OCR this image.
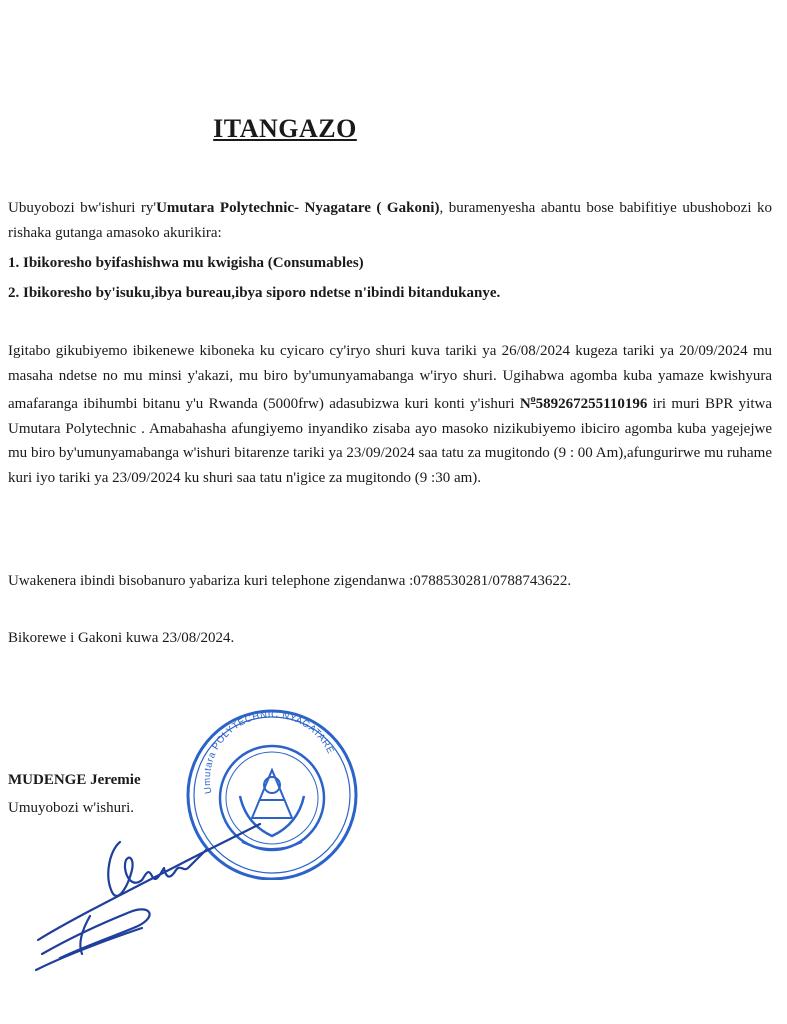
ITANGAZO
Ubuyobozi bw'ishuri ry'Umutara Polytechnic- Nyagatare ( Gakoni), buramenyesha abantu bose babifitiye ubushobozi ko rishaka gutanga amasoko akurikira:
1. Ibikoresho byifashishwa mu kwigisha (Consumables)
2. Ibikoresho by'isuku,ibya bureau,ibya siporo ndetse n'ibindi bitandukanye.
Igitabo gikubiyemo ibikenewe kiboneka ku cyicaro cy'iryo shuri kuva tariki ya 26/08/2024 kugeza tariki ya 20/09/2024 mu masaha ndetse no mu minsi y'akazi, mu biro by'umunyamabanga w'iryo shuri. Ugihabwa agomba kuba yamaze kwishyura amafaranga ibihumbi bitanu y'u Rwanda (5000frw) adasubizwa kuri konti y'ishuri $N^o589267255110196$ iri muri BPR yitwa Umutara Polytechnic . Amabahasha afungiyemo inyandiko zisaba ayo masoko nizikubiyemo ibiciro agomba kuba yagejejwe mu biro by'umunyamabanga w'ishuri bitarenze tariki ya 23/09/2024 saa tatu za mugitondo (9 : 00 Am),afungurirwe mu ruhame kuri iyo tariki ya 23/09/2024 ku shuri saa tatu n'igice za mugitondo (9 :30 am).
Uwakenera ibindi bisobanuro yabariza kuri telephone zigendanwa :0788530281/0788743622.
Bikorewe i Gakoni kuwa 23/08/2024.
Umutara POLYTECHNIC NYAGATARE
MUDENGE Jeremie
Umuyobozi w'ishuri.
